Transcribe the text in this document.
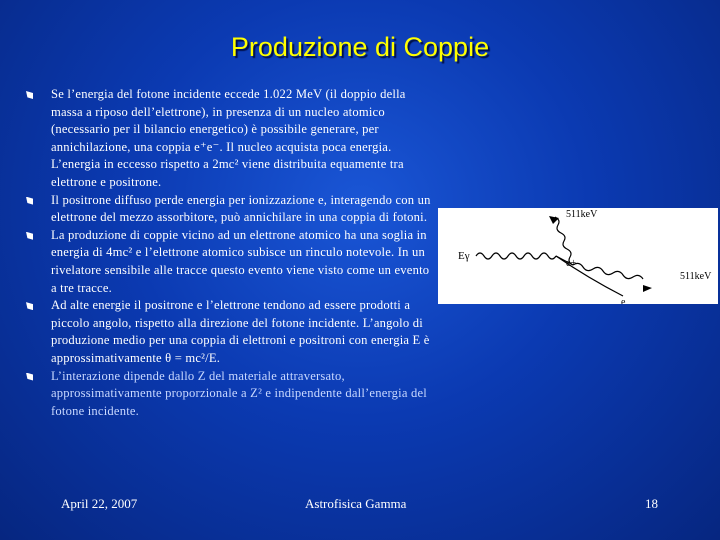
Produzione di Coppie
Se l’energia del fotone incidente eccede 1.022 MeV (il doppio della massa a riposo dell’elettrone), in presenza di un nucleo atomico (necessario per il bilancio energetico) è possibile generare, per annichilazione, una coppia e⁺e⁻. Il nucleo acquista poca energia. L’energia in eccesso rispetto a 2mc² viene distribuita equamente tra elettrone e positrone.
Il positrone diffuso perde energia per ionizzazione e, interagendo con un elettrone del mezzo assorbitore, può annichilare in una coppia di fotoni.
La produzione di coppie vicino ad un elettrone atomico ha una soglia in energia di 4mc² e l’elettrone atomico subisce un rinculo notevole. In un rivelatore sensibile alle tracce questo evento viene visto come un evento a tre tracce.
Ad alte energie il positrone e l’elettrone tendono ad essere prodotti a piccolo angolo, rispetto alla direzione del fotone incidente. L’angolo di produzione medio per una coppia di elettroni e positroni con energia E è approssimativamente θ = mc²/E.
L’interazione dipende dallo Z del materiale attraversato, approssimativamente proporzionale a Z² e indipendente dall’energia del fotone incidente.
Eγ
511keV
511keV
e+
e
April 22, 2007	Astrofisica Gamma	18
